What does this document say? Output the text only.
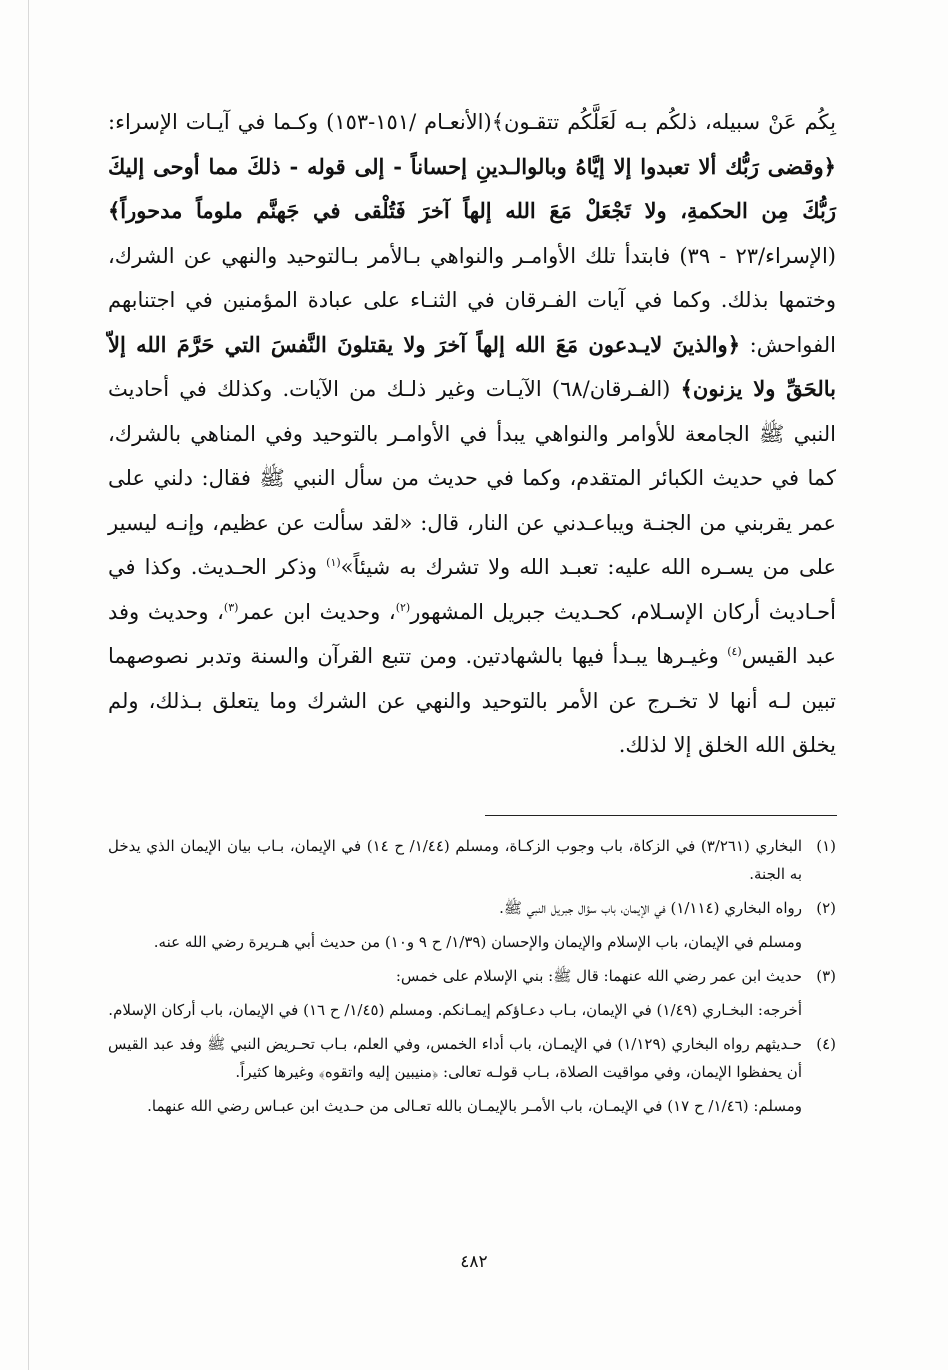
بِكُم عَنْ سبيله، ذلكُم بـه لَعَلَّكُم تتقـون﴾(الأنعـام /١٥١-١٥٣) وكـما في آيـات الإسراء: ﴿وقضى رَبُّك ألا تعبدوا إلا إيَّاهُ وبالوالـدينِ إحساناً - إلى قوله - ذلكَ مما أوحى إليكَ رَبُّكَ مِن الحكمةِ، ولا تَجْعَلْ مَعَ الله إلهاً آخرَ فَتُلْقى في جَهنَّم ملوماً مدحوراً﴾ (الإسراء/٢٣ - ٣٩) فابتدأ تلك الأوامـر والنواهي بـالأمر بـالتوحيد والنهي عن الشرك، وختمها بذلك. وكما في آيات الفـرقان في الثنـاء على عبادة المؤمنين في اجتنابهم الفواحش: ﴿والذينَ لايـدعون مَعَ الله إلهاً آخرَ ولا يقتلونَ النَّفسَ التي حَرَّمَ الله إلاّ بالحَقِّ ولا يزنون﴾ (الفـرقان/٦٨) الآيـات وغير ذلـك من الآيات. وكذلك في أحاديث النبي ﷺ الجامعة للأوامر والنواهي يبدأ في الأوامـر بالتوحيد وفي المناهي بالشرك، كما في حديث الكبائر المتقدم، وكما في حديث من سأل النبي ﷺ فقال: دلني على عمر يقربني من الجنـة ويباعـدني عن النار، قال: «لقد سألت عن عظيم، وإنـه ليسير على من يسـره الله عليه: تعبـد الله ولا تشرك به شيئاً»$^{(١)}$ وذكر الحـديث. وكذا في أحـاديث أركان الإسـلام، كحـديث جبريل المشهور$^{(٢)}$، وحديث ابن عمر$^{(٣)}$، وحديث وفد عبد القيس$^{(٤)}$ وغيـرها يبـدأ فيها بالشهادتين. ومن تتبع القرآن والسنة وتدبر نصوصهما تبين لـه أنها لا تخـرج عن الأمر بالتوحيد والنهي عن الشرك وما يتعلق بـذلك، ولم يخلق الله الخلق إلا لذلك.

(١)
البخاري (٣/٢٦١) في الزكاة، باب وجوب الزكـاة، ومسلم (١/٤٤/ ح ١٤) في الإيمان، بـاب بيان الإيمان الذي يدخل به الجنة.
(٢)
رواه البخاري (١/١١٤) في الإيمان، باب سؤال جبريل النبي ﷺ.
ومسلم في الإيمان، باب الإسلام والإيمان والإحسان (١/٣٩/ ح ٩ و١٠) من حديث أبي هـريرة رضي الله عنه.
(٣)
حديث ابن عمر رضي الله عنهما: قال ﷺ: بني الإسلام على خمس:
أخرجه: البخـاري (١/٤٩) في الإيمان، بـاب دعـاؤكم إيمـانكم. ومسلم (١/٤٥/ ح ١٦) في الإيمان، باب أركان الإسلام.
(٤)
حـديثهم رواه البخاري (١/١٢٩) في الإيمـان، باب أداء الخمس، وفي العلم، بـاب تحـريض النبي ﷺ وفد عبد القيس أن يحفظوا الإيمان، وفي مواقيت الصلاة، بـاب قولـه تعالى: ﴿منيبين إليه واتقوه﴾ وغيرها كثيراً.
ومسلم: (١/٤٦/ ح ١٧) في الإيمـان، باب الأمـر بالإيمـان بالله تعـالى من حـديث ابن عبـاس رضي الله عنهما.
٤٨٢
